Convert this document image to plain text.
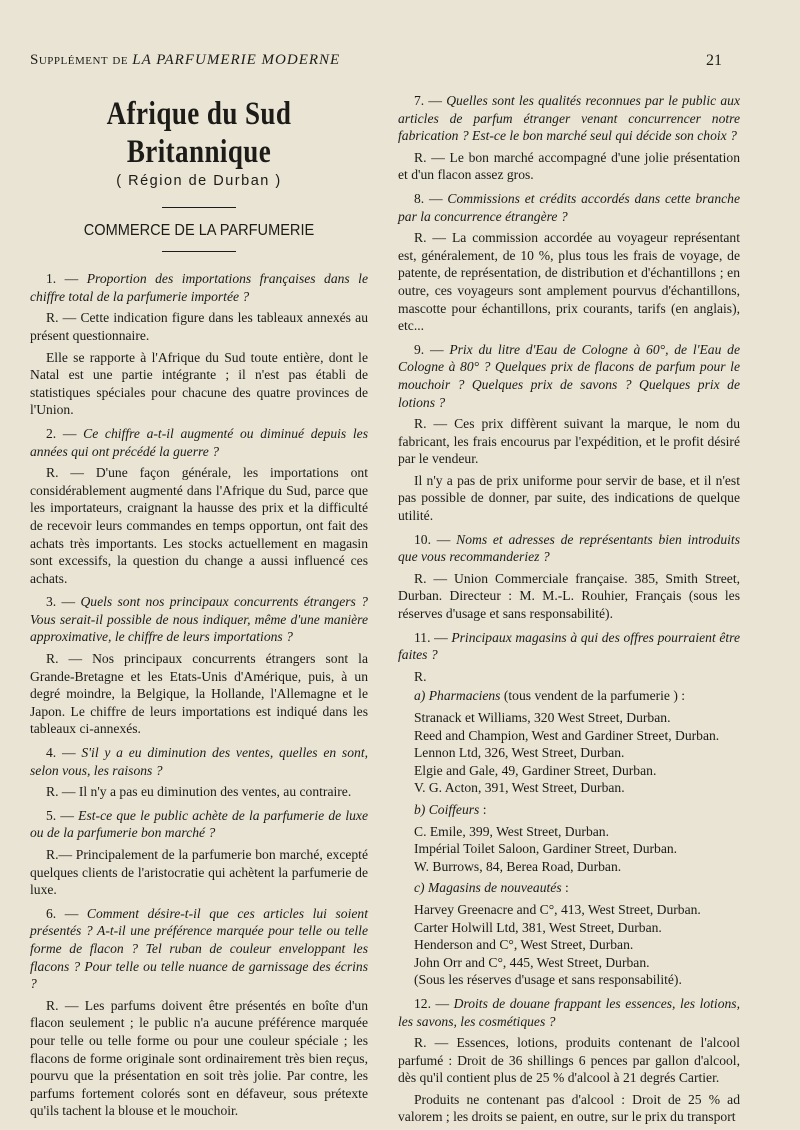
Supplément de LA PARFUMERIE MODERNE	21
Afrique du Sud Britannique
( Région de Durban )
COMMERCE DE LA PARFUMERIE

1. — Proportion des importations françaises dans le chiffre total de la parfumerie importée ?

R. — Cette indication figure dans les tableaux annexés au présent questionnaire.

Elle se rapporte à l'Afrique du Sud toute entière, dont le Natal est une partie intégrante ; il n'est pas établi de statistiques spéciales pour chacune des quatre provinces de l'Union.

2. — Ce chiffre a-t-il augmenté ou diminué depuis les années qui ont précédé la guerre ?

R. — D'une façon générale, les importations ont considérablement augmenté dans l'Afrique du Sud, parce que les importateurs, craignant la hausse des prix et la difficulté de recevoir leurs commandes en temps opportun, ont fait des achats très importants. Les stocks actuellement en magasin sont excessifs, la question du change a aussi influencé ces achats.

3. — Quels sont nos principaux concurrents étrangers ? Vous serait-il possible de nous indiquer, même d'une manière approximative, le chiffre de leurs importations ?

R. — Nos principaux concurrents étrangers sont la Grande-Bretagne et les Etats-Unis d'Amérique, puis, à un degré moindre, la Belgique, la Hollande, l'Allemagne et le Japon. Le chiffre de leurs importations est indiqué dans les tableaux ci-annexés.

4. — S'il y a eu diminution des ventes, quelles en sont, selon vous, les raisons ?

R. — Il n'y a pas eu diminution des ventes, au contraire.

5. — Est-ce que le public achète de la parfumerie de luxe ou de la parfumerie bon marché ?

R.— Principalement de la parfumerie bon marché, excepté quelques clients de l'aristocratie qui achètent la parfumerie de luxe.

6. — Comment désire-t-il que ces articles lui soient présentés ? A-t-il une préférence marquée pour telle ou telle forme de flacon ? Tel ruban de couleur enveloppant les flacons ? Pour telle ou telle nuance de garnissage des écrins ?

R. — Les parfums doivent être présentés en boîte d'un flacon seulement ; le public n'a aucune préférence marquée pour telle ou telle forme ou pour une couleur spéciale ; les flacons de forme originale sont ordinairement très bien reçus, pourvu que la présentation en soit très jolie. Par contre, les parfums fortement colorés sont en défaveur, sous prétexte qu'ils tachent la blouse et le mouchoir.

7. — Quelles sont les qualités reconnues par le public aux articles de parfum étranger venant concurrencer notre fabrication ? Est-ce le bon marché seul qui décide son choix ?

R. — Le bon marché accompagné d'une jolie présentation et d'un flacon assez gros.

8. — Commissions et crédits accordés dans cette branche par la concurrence étrangère ?

R. — La commission accordée au voyageur représentant est, généralement, de 10 %, plus tous les frais de voyage, de patente, de représentation, de distribution et d'échantillons ; en outre, ces voyageurs sont amplement pourvus d'échantillons, mascotte pour échantillons, prix courants, tarifs (en anglais), etc...

9. — Prix du litre d'Eau de Cologne à 60°, de l'Eau de Cologne à 80° ? Quelques prix de flacons de parfum pour le mouchoir ? Quelques prix de savons ? Quelques prix de lotions ?

R. — Ces prix diffèrent suivant la marque, le nom du fabricant, les frais encourus par l'expédition, et le profit désiré par le vendeur.

Il n'y a pas de prix uniforme pour servir de base, et il n'est pas possible de donner, par suite, des indications de quelque utilité.

10. — Noms et adresses de représentants bien introduits que vous recommanderiez ?

R. — Union Commerciale française. 385, Smith Street, Durban. Directeur : M. M.-L. Rouhier, Français (sous les réserves d'usage et sans responsabilité).

11. — Principaux magasins à qui des offres pourraient être faites ?

R.

a) Pharmaciens (tous vendent de la parfumerie ) :

Stranack et Williams, 320 West Street, Durban.

Reed and Champion, West and Gardiner Street, Durban.

Lennon Ltd, 326, West Street, Durban.

Elgie and Gale, 49, Gardiner Street, Durban.

V. G. Acton, 391, West Street, Durban.

b) Coiffeurs :

C. Emile, 399, West Street, Durban.

Impérial Toilet Saloon, Gardiner Street, Durban.

W. Burrows, 84, Berea Road, Durban.

c) Magasins de nouveautés :

Harvey Greenacre and C°, 413, West Street, Durban.

Carter Holwill Ltd, 381, West Street, Durban.

Henderson and C°, West Street, Durban.

John Orr and C°, 445, West Street, Durban.

(Sous les réserves d'usage et sans responsabilité).

12. — Droits de douane frappant les essences, les lotions, les savons, les cosmétiques ?

R. — Essences, lotions, produits contenant de l'alcool parfumé : Droit de 36 shillings 6 pences par gallon d'alcool, dès qu'il contient plus de 25 % d'alcool à 21 degrés Cartier.

Produits ne contenant pas d'alcool : Droit de 25 % ad valorem ; les droits se paient, en outre, sur le prix du transport
